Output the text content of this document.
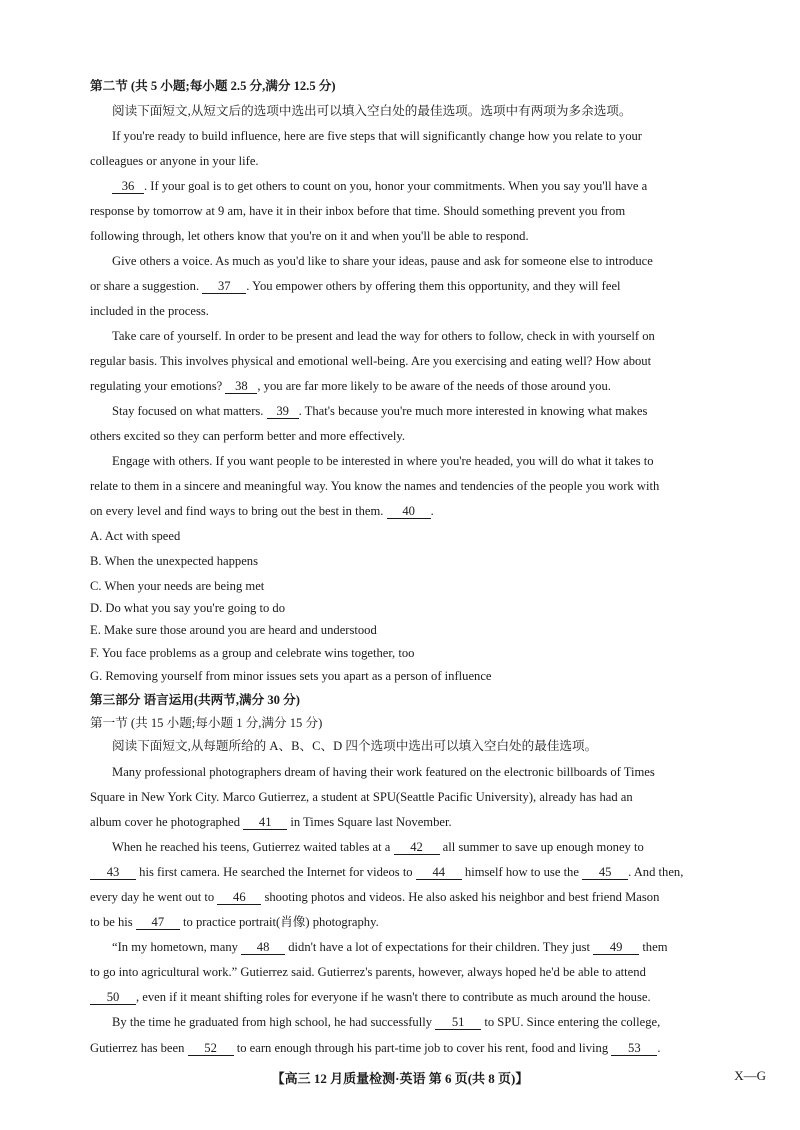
第二节 (共 5 小题;每小题 2.5 分,满分 12.5 分)
阅读下面短文,从短文后的选项中选出可以填入空白处的最佳选项。选项中有两项为多余选项。
If you're ready to build influence, here are five steps that will significantly change how you relate to your
colleagues or anyone in your life.
36 . If your goal is to get others to count on you, honor your commitments. When you say you'll have a
response by tomorrow at 9 am, have it in their inbox before that time. Should something prevent you from
following through, let others know that you're on it and when you'll be able to respond.
Give others a voice. As much as you'd like to share your ideas, pause and ask for someone else to introduce
or share a suggestion. 37 . You empower others by offering them this opportunity, and they will feel
included in the process.
Take care of yourself. In order to be present and lead the way for others to follow, check in with yourself on
regular basis. This involves physical and emotional well-being. Are you exercising and eating well? How about
regulating your emotions? 38 , you are far more likely to be aware of the needs of those around you.
Stay focused on what matters. 39 . That's because you're much more interested in knowing what makes
others excited so they can perform better and more effectively.
Engage with others. If you want people to be interested in where you're headed, you will do what it takes to
relate to them in a sincere and meaningful way. You know the names and tendencies of the people you work with
on every level and find ways to bring out the best in them. 40 .
A. Act with speed
B. When the unexpected happens
C. When your needs are being met
D. Do what you say you're going to do
E. Make sure those around you are heard and understood
F. You face problems as a group and celebrate wins together, too
G. Removing yourself from minor issues sets you apart as a person of influence
第三部分 语言运用(共两节,满分 30 分)
第一节 (共 15 小题;每小题 1 分,满分 15 分)
阅读下面短文,从每题所给的 A、B、C、D 四个选项中选出可以填入空白处的最佳选项。
Many professional photographers dream of having their work featured on the electronic billboards of Times
Square in New York City. Marco Gutierrez, a student at SPU(Seattle Pacific University), already has had an
album cover he photographed 41 in Times Square last November.
When he reached his teens, Gutierrez waited tables at a 42 all summer to save up enough money to
43 his first camera. He searched the Internet for videos to 44 himself how to use the 45 . And then,
every day he went out to 46 shooting photos and videos. He also asked his neighbor and best friend Mason
to be his 47 to practice portrait(肖像) photography.
“In my hometown, many 48 didn't have a lot of expectations for their children. They just 49 them
to go into agricultural work.” Gutierrez said. Gutierrez's parents, however, always hoped he'd be able to attend
50 , even if it meant shifting roles for everyone if he wasn't there to contribute as much around the house.
By the time he graduated from high school, he had successfully 51 to SPU. Since entering the college,
Gutierrez has been 52 to earn enough through his part-time job to cover his rent, food and living 53 .
【高三 12 月质量检测·英语 第 6 页(共 8 页)】	X—G
